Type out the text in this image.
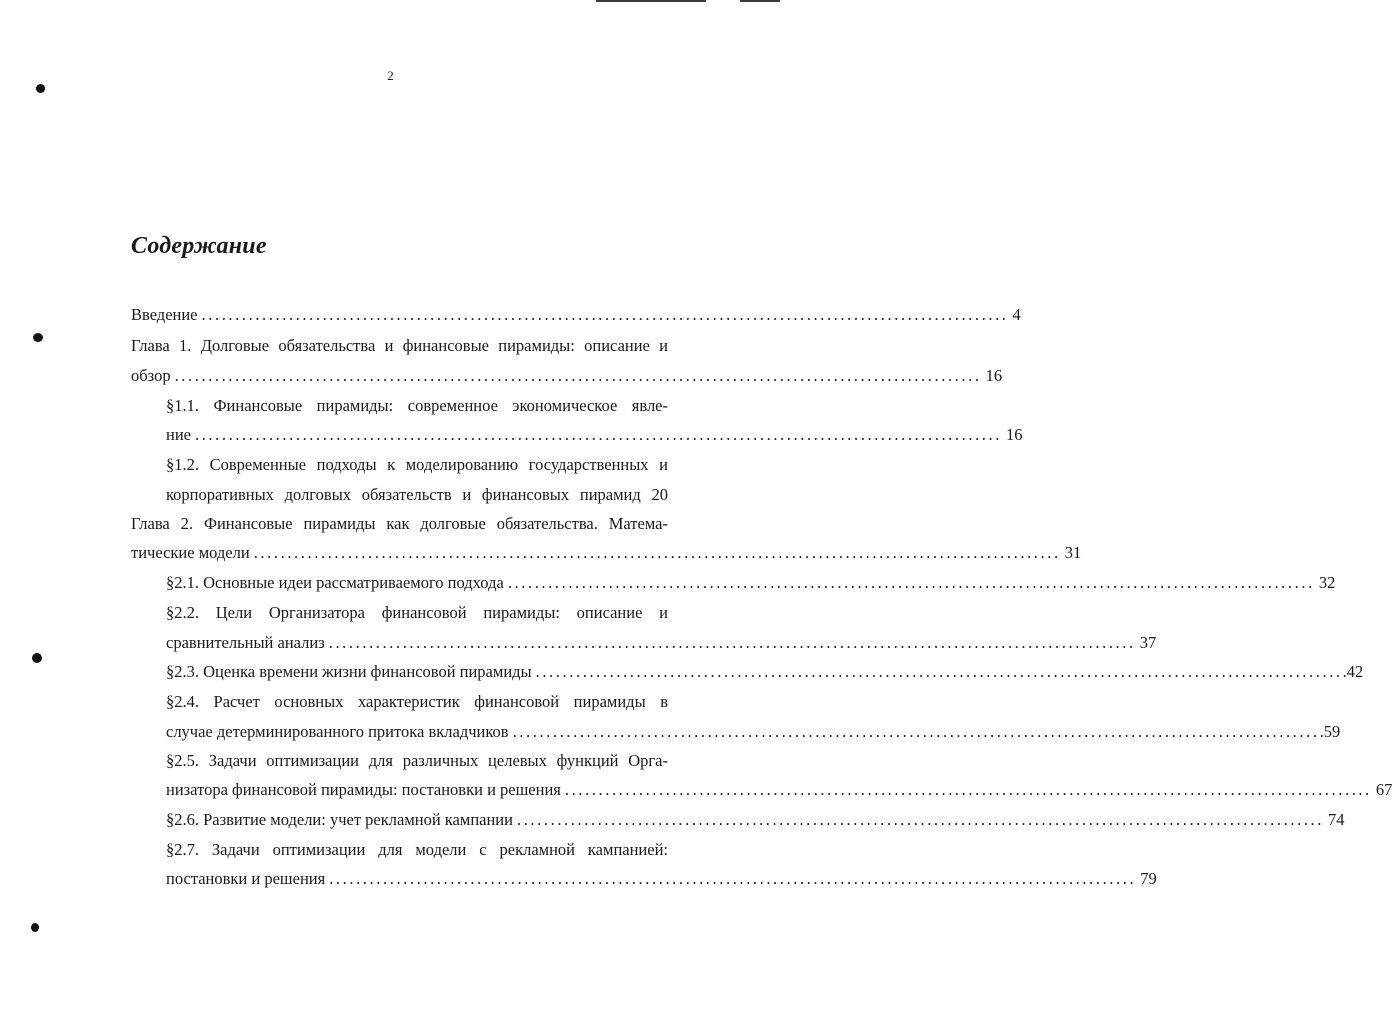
2
Содержание
Введение ........................................................................................................................ 4
Глава 1. Долговые обязательства и финансовые пирамиды: описание и
обзор ........................................................................................................................ 16
§1.1. Финансовые пирамиды: современное экономическое явле-
ние ........................................................................................................................ 16
§1.2. Современные подходы к моделированию государственных и
корпоративных долговых обязательств и финансовых пирамид 20
Глава 2. Финансовые пирамиды как долговые обязательства. Матема-
тические модели ........................................................................................................................ 31
§2.1. Основные идеи рассматриваемого подхода ........................................................................................................................ 32
§2.2. Цели Организатора финансовой пирамиды: описание и
сравнительный анализ ........................................................................................................................ 37
§2.3. Оценка времени жизни финансовой пирамиды ........................................................................................................................ .42
§2.4. Расчет основных характеристик финансовой пирамиды в
случае детерминированного притока вкладчиков ........................................................................................................................ .59
§2.5. Задачи оптимизации для различных целевых функций Орга-
низатора финансовой пирамиды: постановки и решения ........................................................................................................................ 67
§2.6. Развитие модели: учет рекламной кампании ........................................................................................................................ 74
§2.7. Задачи оптимизации для модели с рекламной кампанией:
постановки и решения ........................................................................................................................ 79
